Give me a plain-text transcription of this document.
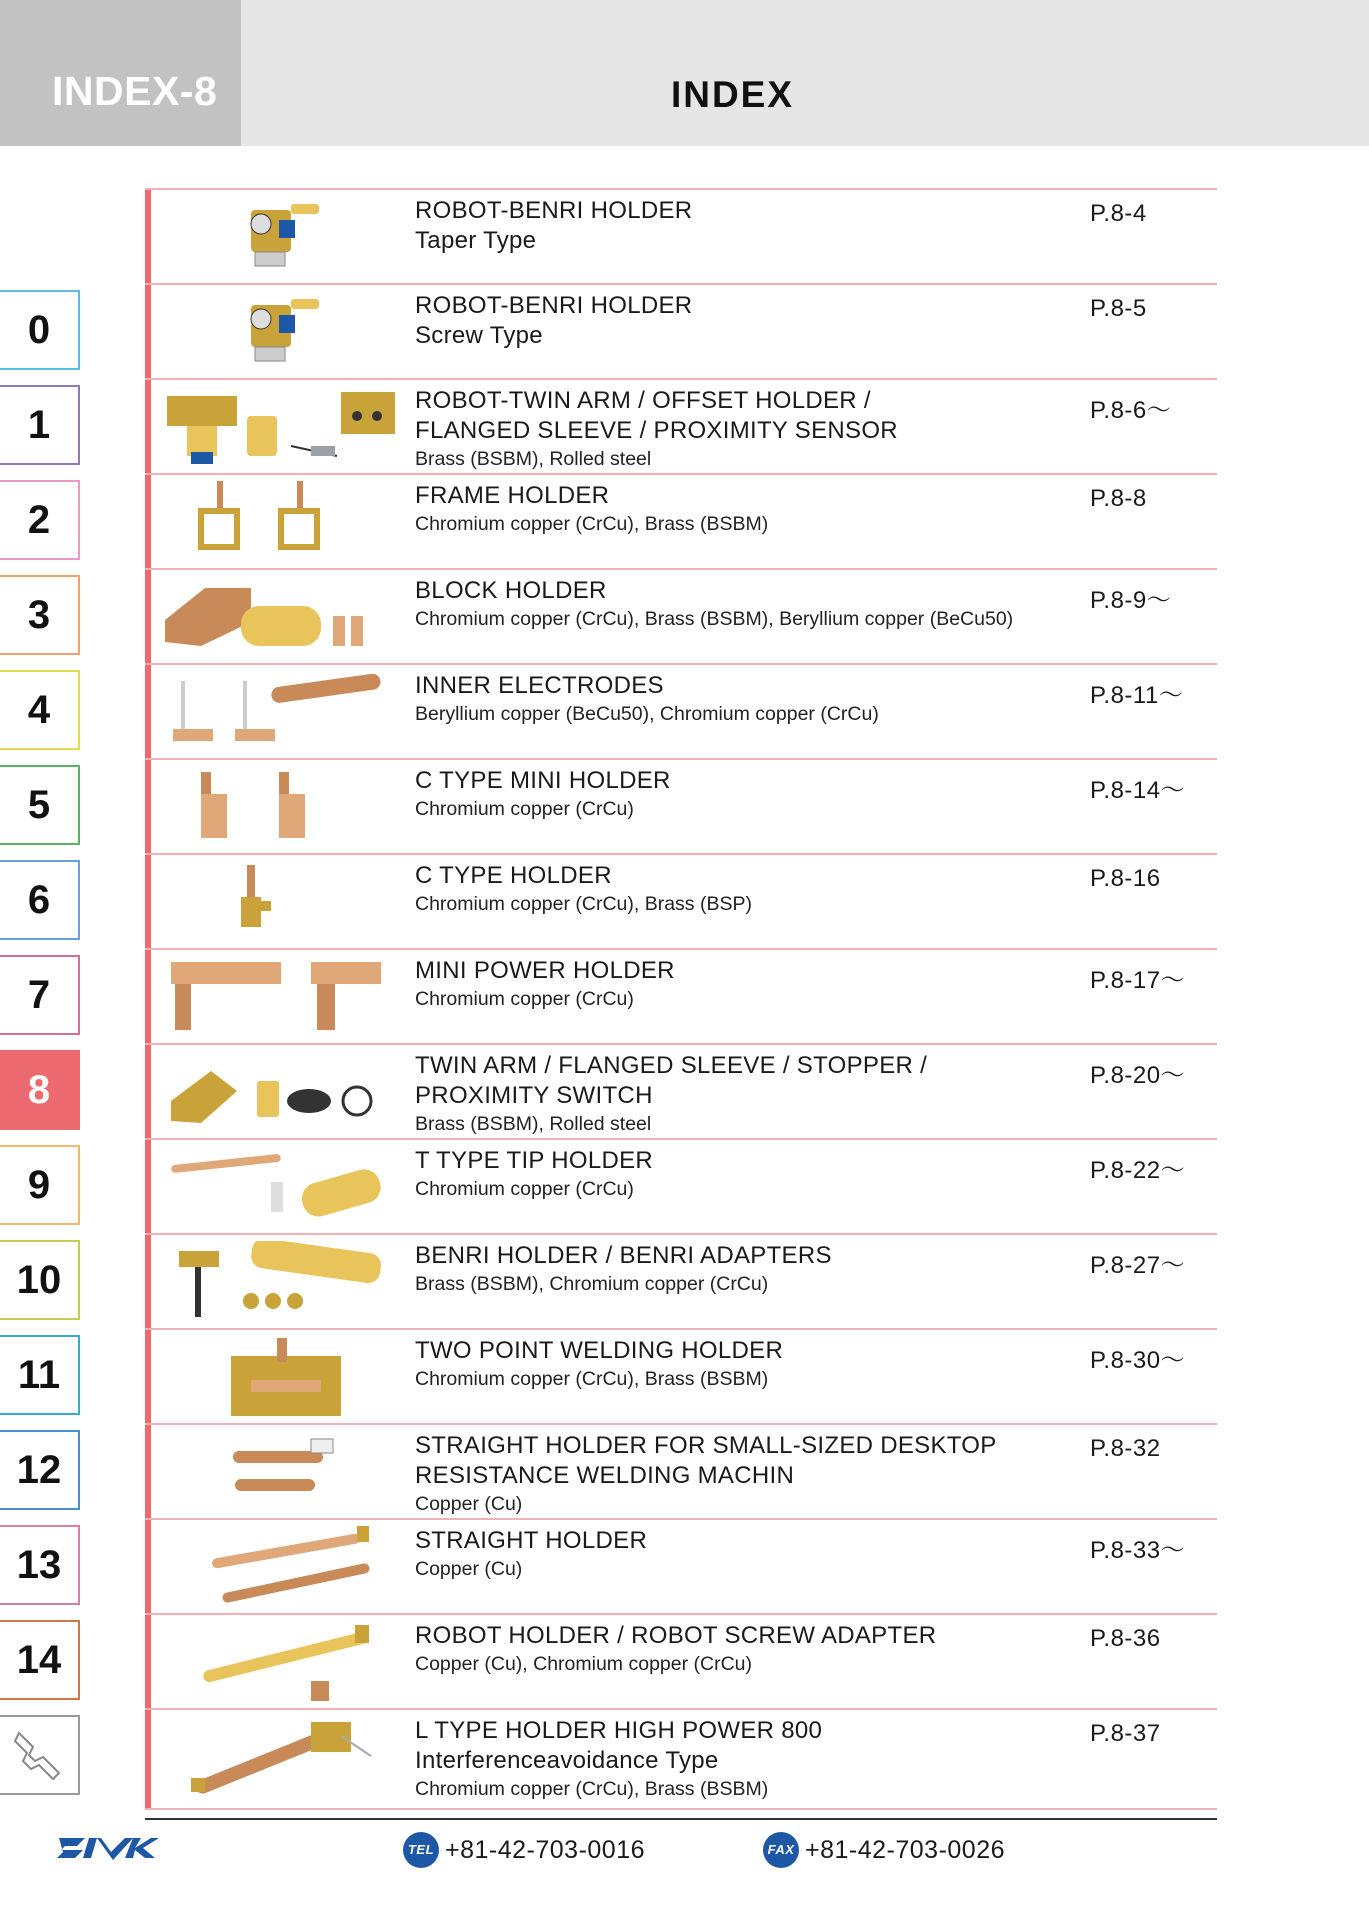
INDEX-8	INDEX
0
1
2
3
4
5
6
7
8
9
10
11
12
13
14
ROBOT-BENRI HOLDER
Taper Type
P.8-4
ROBOT-BENRI HOLDER
Screw Type
P.8-5
ROBOT-TWIN ARM / OFFSET HOLDER /
FLANGED SLEEVE / PROXIMITY SENSOR
Brass (BSBM), Rolled steel
P.8-6～
FRAME HOLDER
Chromium copper (CrCu), Brass (BSBM)
P.8-8
BLOCK HOLDER
Chromium copper (CrCu), Brass (BSBM), Beryllium copper (BeCu50)
P.8-9～
INNER ELECTRODES
Beryllium copper (BeCu50), Chromium copper (CrCu)
P.8-11～
C TYPE MINI HOLDER
Chromium copper (CrCu)
P.8-14～
C TYPE HOLDER
Chromium copper (CrCu), Brass (BSP)
P.8-16
MINI POWER HOLDER
Chromium copper (CrCu)
P.8-17～
TWIN ARM / FLANGED SLEEVE / STOPPER /
PROXIMITY SWITCH
Brass (BSBM), Rolled steel
P.8-20～
T TYPE TIP HOLDER
Chromium copper (CrCu)
P.8-22～
BENRI HOLDER / BENRI ADAPTERS
Brass (BSBM), Chromium copper (CrCu)
P.8-27～
TWO POINT WELDING HOLDER
Chromium copper (CrCu), Brass (BSBM)
P.8-30～
STRAIGHT HOLDER FOR SMALL-SIZED DESKTOP
RESISTANCE WELDING MACHIN
Copper (Cu)
P.8-32
STRAIGHT HOLDER
Copper (Cu)
P.8-33～
ROBOT HOLDER / ROBOT SCREW ADAPTER
Copper (Cu), Chromium copper (CrCu)
P.8-36
L TYPE HOLDER HIGH POWER 800
Interferenceavoidance Type
Chromium copper (CrCu), Brass (BSBM)
P.8-37
TEL +81-42-703-0016	FAX +81-42-703-0026
